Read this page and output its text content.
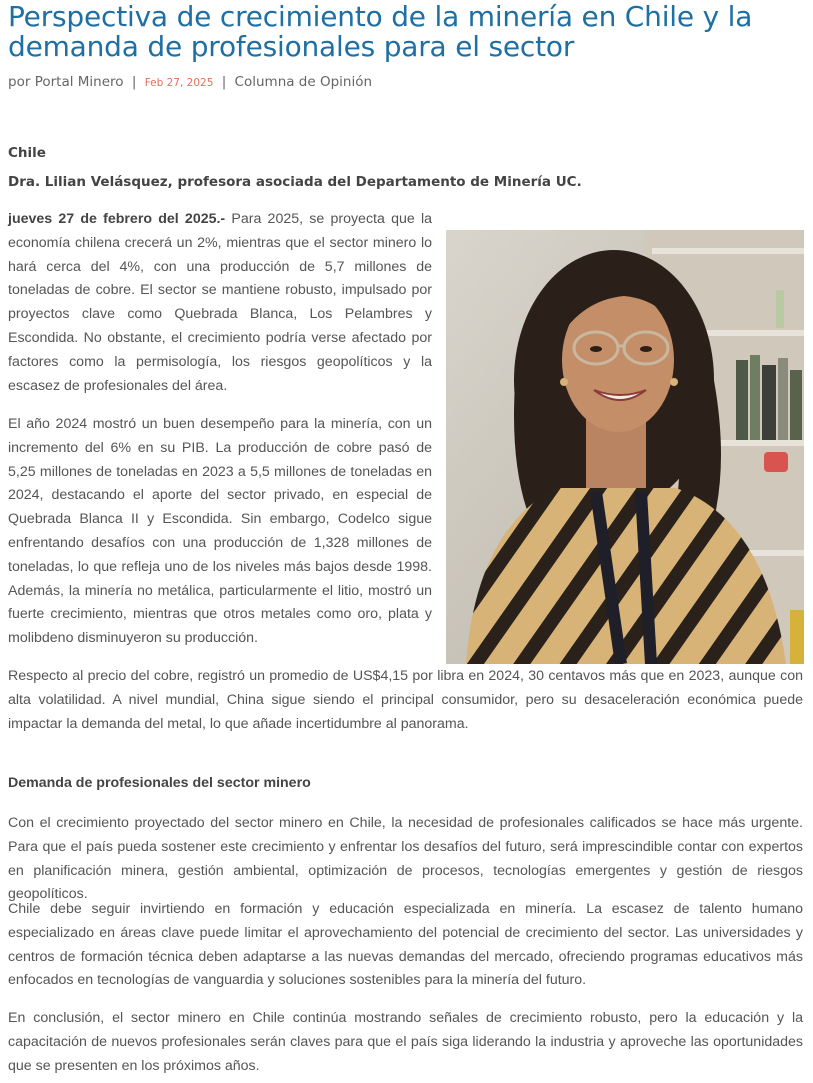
Perspectiva de crecimiento de la minería en Chile y la demanda de profesionales para el sector
por Portal Minero | Feb 27, 2025 | Columna de Opinión
Chile
Dra. Lilian Velásquez, profesora asociada del Departamento de Minería UC.

jueves 27 de febrero del 2025.- Para 2025, se proyecta que la economía chilena crecerá un 2%, mientras que el sector minero lo hará cerca del 4%, con una producción de 5,7 millones de toneladas de cobre. El sector se mantiene robusto, impulsado por proyectos clave como Quebrada Blanca, Los Pelambres y Escondida. No obstante, el crecimiento podría verse afectado por factores como la permisología, los riesgos geopolíticos y la escasez de profesionales del área.

El año 2024 mostró un buen desempeño para la minería, con un incremento del 6% en su PIB. La producción de cobre pasó de 5,25 millones de toneladas en 2023 a 5,5 millones de toneladas en 2024, destacando el aporte del sector privado, en especial de Quebrada Blanca II y Escondida. Sin embargo, Codelco sigue enfrentando desafíos con una producción de 1,328 millones de toneladas, lo que refleja uno de los niveles más bajos desde 1998. Además, la minería no metálica, particularmente el litio, mostró un fuerte crecimiento, mientras que otros metales como oro, plata y molibdeno disminuyeron su producción.

Respecto al precio del cobre, registró un promedio de US$4,15 por libra en 2024, 30 centavos más que en 2023, aunque con alta volatilidad. A nivel mundial, China sigue siendo el principal consumidor, pero su desaceleración económica puede impactar la demanda del metal, lo que añade incertidumbre al panorama.

Demanda de profesionales del sector minero

Con el crecimiento proyectado del sector minero en Chile, la necesidad de profesionales calificados se hace más urgente. Para que el país pueda sostener este crecimiento y enfrentar los desafíos del futuro, será imprescindible contar con expertos en planificación minera, gestión ambiental, optimización de procesos, tecnologías emergentes y gestión de riesgos geopolíticos.

Chile debe seguir invirtiendo en formación y educación especializada en minería. La escasez de talento humano especializado en áreas clave puede limitar el aprovechamiento del potencial de crecimiento del sector. Las universidades y centros de formación técnica deben adaptarse a las nuevas demandas del mercado, ofreciendo programas educativos más enfocados en tecnologías de vanguardia y soluciones sostenibles para la minería del futuro.

En conclusión, el sector minero en Chile continúa mostrando señales de crecimiento robusto, pero la educación y la capacitación de nuevos profesionales serán claves para que el país siga liderando la industria y aproveche las oportunidades que se presenten en los próximos años.
